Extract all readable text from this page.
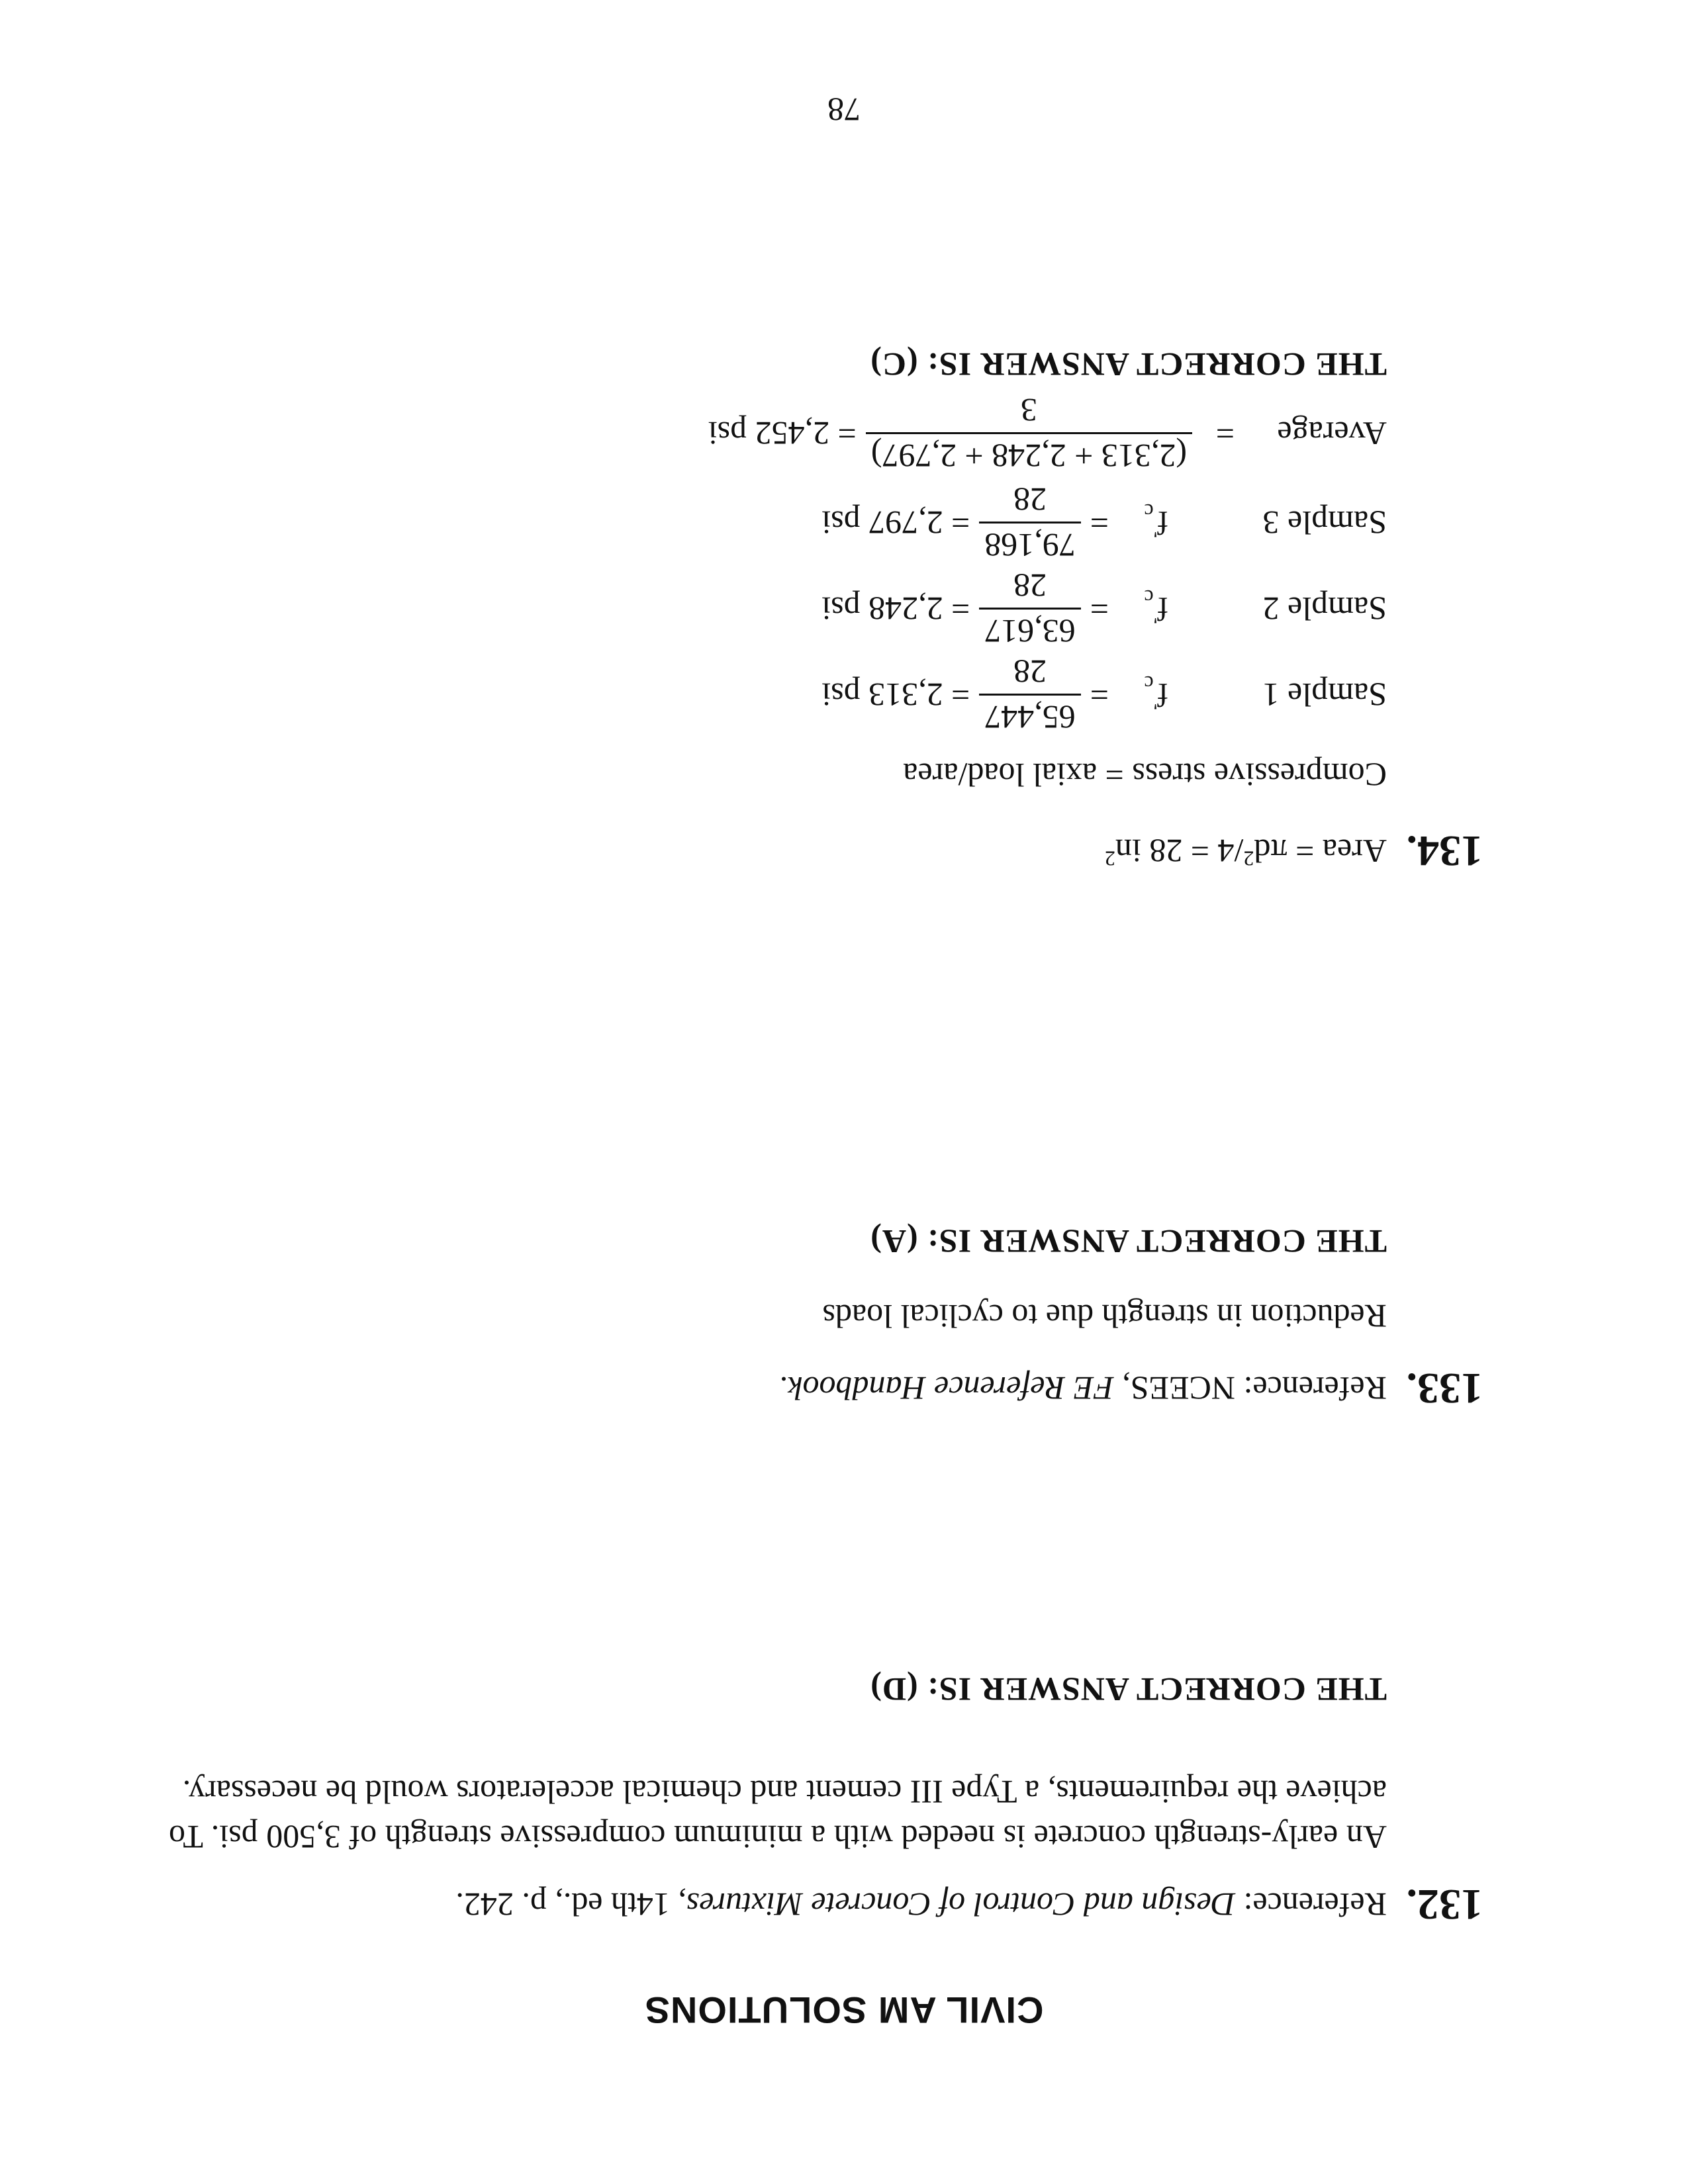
CIVIL AM SOLUTIONS
132.
Reference: Design and Control of Concrete Mixtures, 14th ed., p. 242.
An early-strength concrete is needed with a minimum compressive strength of 3,500 psi. To achieve the requirements, a Type III cement and chemical accelerators would be necessary.
THE CORRECT ANSWER IS: (D)
133.
Reference: NCEES, FE Reference Handbook.
Reduction in strength due to cyclical loads
THE CORRECT ANSWER IS: (A)
134.
Area = $\pi d^2/4 = 28$ $in^2$
Compressive stress = axial load/area
Sample 1
$f'_c$
=
65,447
28
= 2,313 psi
Sample 2
$f'_c$
=
63,617
28
= 2,248 psi
Sample 3
$f'_c$
=
79,168
28
= 2,797 psi
Average
=
(2,313 + 2,248 + 2,797)
3
= 2,452 psi
THE CORRECT ANSWER IS: (C)
78
